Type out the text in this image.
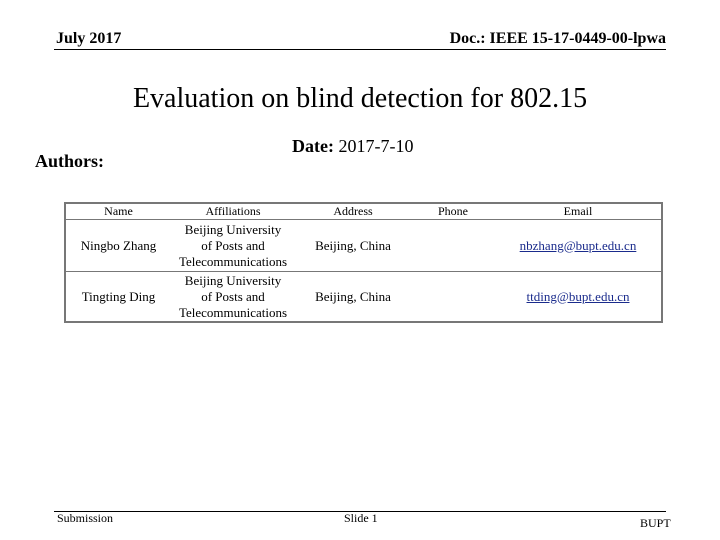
July 2017	Doc.: IEEE 15-17-0449-00-lpwa
Evaluation on blind detection for 802.15
Date: 2017-7-10
Authors:
Name	Affiliations	Address	Phone	Email
Ningbo Zhang	Beijing University
of Posts and
Telecommunications	Beijing, China		nbzhang@bupt.edu.cn
Tingting Ding	Beijing University
of Posts and
Telecommunications	Beijing, China		ttding@bupt.edu.cn
Submission	Slide 1	BUPT
